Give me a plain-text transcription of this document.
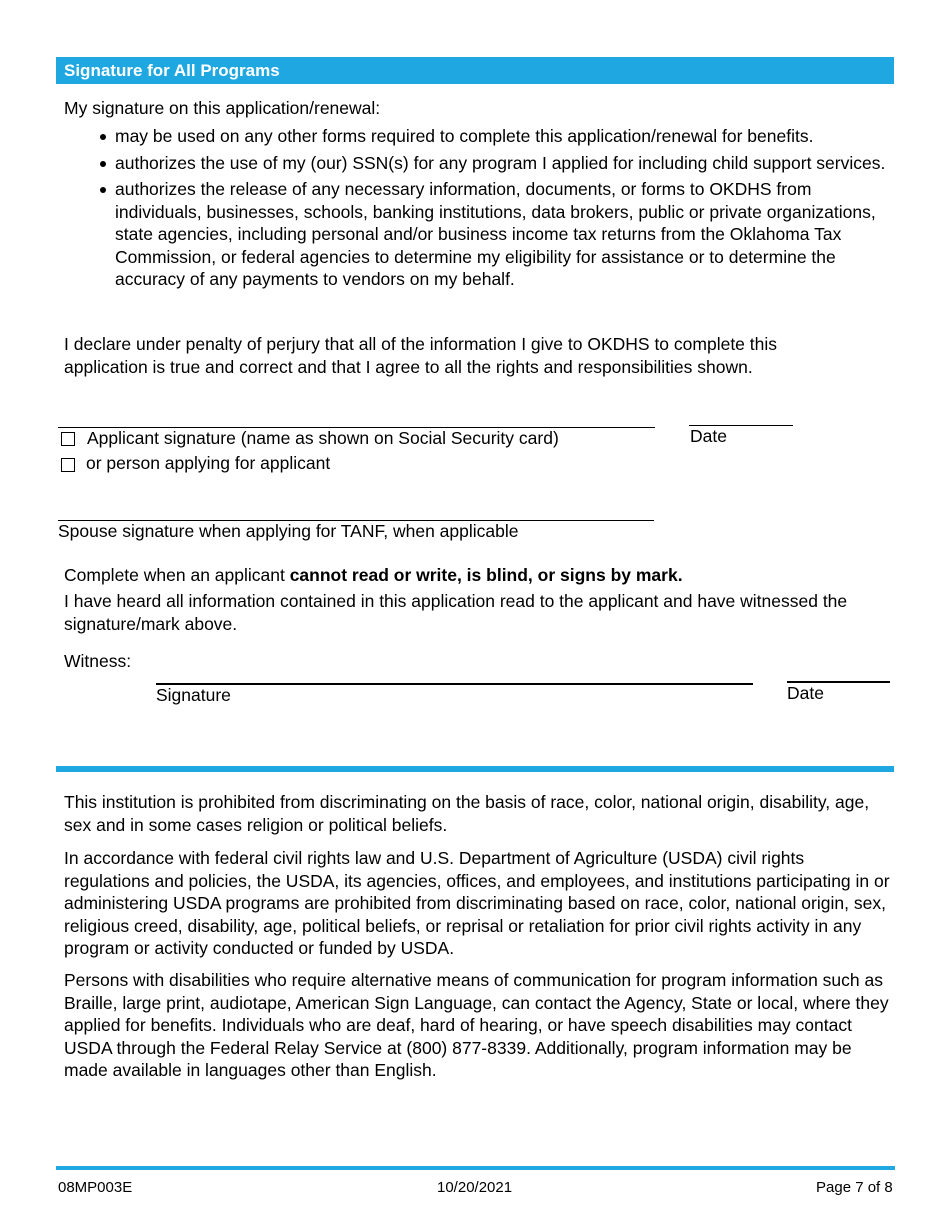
Signature for All Programs
My signature on this application/renewal:
may be used on any other forms required to complete this application/renewal for benefits.
authorizes the use of my (our) SSN(s) for any program I applied for including child support services.
authorizes the release of any necessary information, documents, or forms to OKDHS from individuals, businesses, schools, banking institutions, data brokers, public or private organizations, state agencies, including personal and/or business income tax returns from the Oklahoma Tax Commission, or federal agencies to determine my eligibility for assistance or to determine the accuracy of any payments to vendors on my behalf.
I declare under penalty of perjury that all of the information I give to OKDHS to complete this application is true and correct and that I agree to all the rights and responsibilities shown.
Applicant signature (name as shown on Social Security card)	Date
or person applying for applicant
Spouse signature when applying for TANF, when applicable
Complete when an applicant cannot read or write, is blind, or signs by mark.
I have heard all information contained in this application read to the applicant and have witnessed the signature/mark above.
Witness:
Signature	Date
This institution is prohibited from discriminating on the basis of race, color, national origin, disability, age, sex and in some cases religion or political beliefs.
In accordance with federal civil rights law and U.S. Department of Agriculture (USDA) civil rights regulations and policies, the USDA, its agencies, offices, and employees, and institutions participating in or administering USDA programs are prohibited from discriminating based on race, color, national origin, sex, religious creed, disability, age, political beliefs, or reprisal or retaliation for prior civil rights activity in any program or activity conducted or funded by USDA.
Persons with disabilities who require alternative means of communication for program information such as Braille, large print, audiotape, American Sign Language, can contact the Agency, State or local, where they applied for benefits. Individuals who are deaf, hard of hearing, or have speech disabilities may contact USDA through the Federal Relay Service at (800) 877-8339. Additionally, program information may be made available in languages other than English.
08MP003E	10/20/2021	Page 7 of 8
